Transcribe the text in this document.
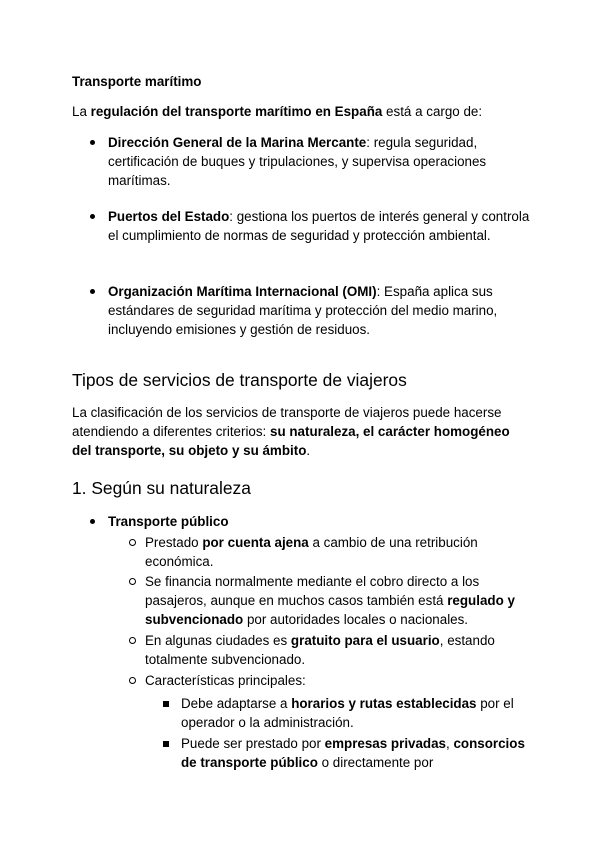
Transporte marítimo
La regulación del transporte marítimo en España está a cargo de:
Dirección General de la Marina Mercante: regula seguridad, certificación de buques y tripulaciones, y supervisa operaciones marítimas.
Puertos del Estado: gestiona los puertos de interés general y controla el cumplimiento de normas de seguridad y protección ambiental.
Organización Marítima Internacional (OMI): España aplica sus estándares de seguridad marítima y protección del medio marino, incluyendo emisiones y gestión de residuos.
Tipos de servicios de transporte de viajeros
La clasificación de los servicios de transporte de viajeros puede hacerse atendiendo a diferentes criterios: su naturaleza, el carácter homogéneo del transporte, su objeto y su ámbito.
1. Según su naturaleza
Transporte público
Prestado por cuenta ajena a cambio de una retribución económica.
Se financia normalmente mediante el cobro directo a los pasajeros, aunque en muchos casos también está regulado y subvencionado por autoridades locales o nacionales.
En algunas ciudades es gratuito para el usuario, estando totalmente subvencionado.
Características principales:
Debe adaptarse a horarios y rutas establecidas por el operador o la administración.
Puede ser prestado por empresas privadas, consorcios de transporte público o directamente por
